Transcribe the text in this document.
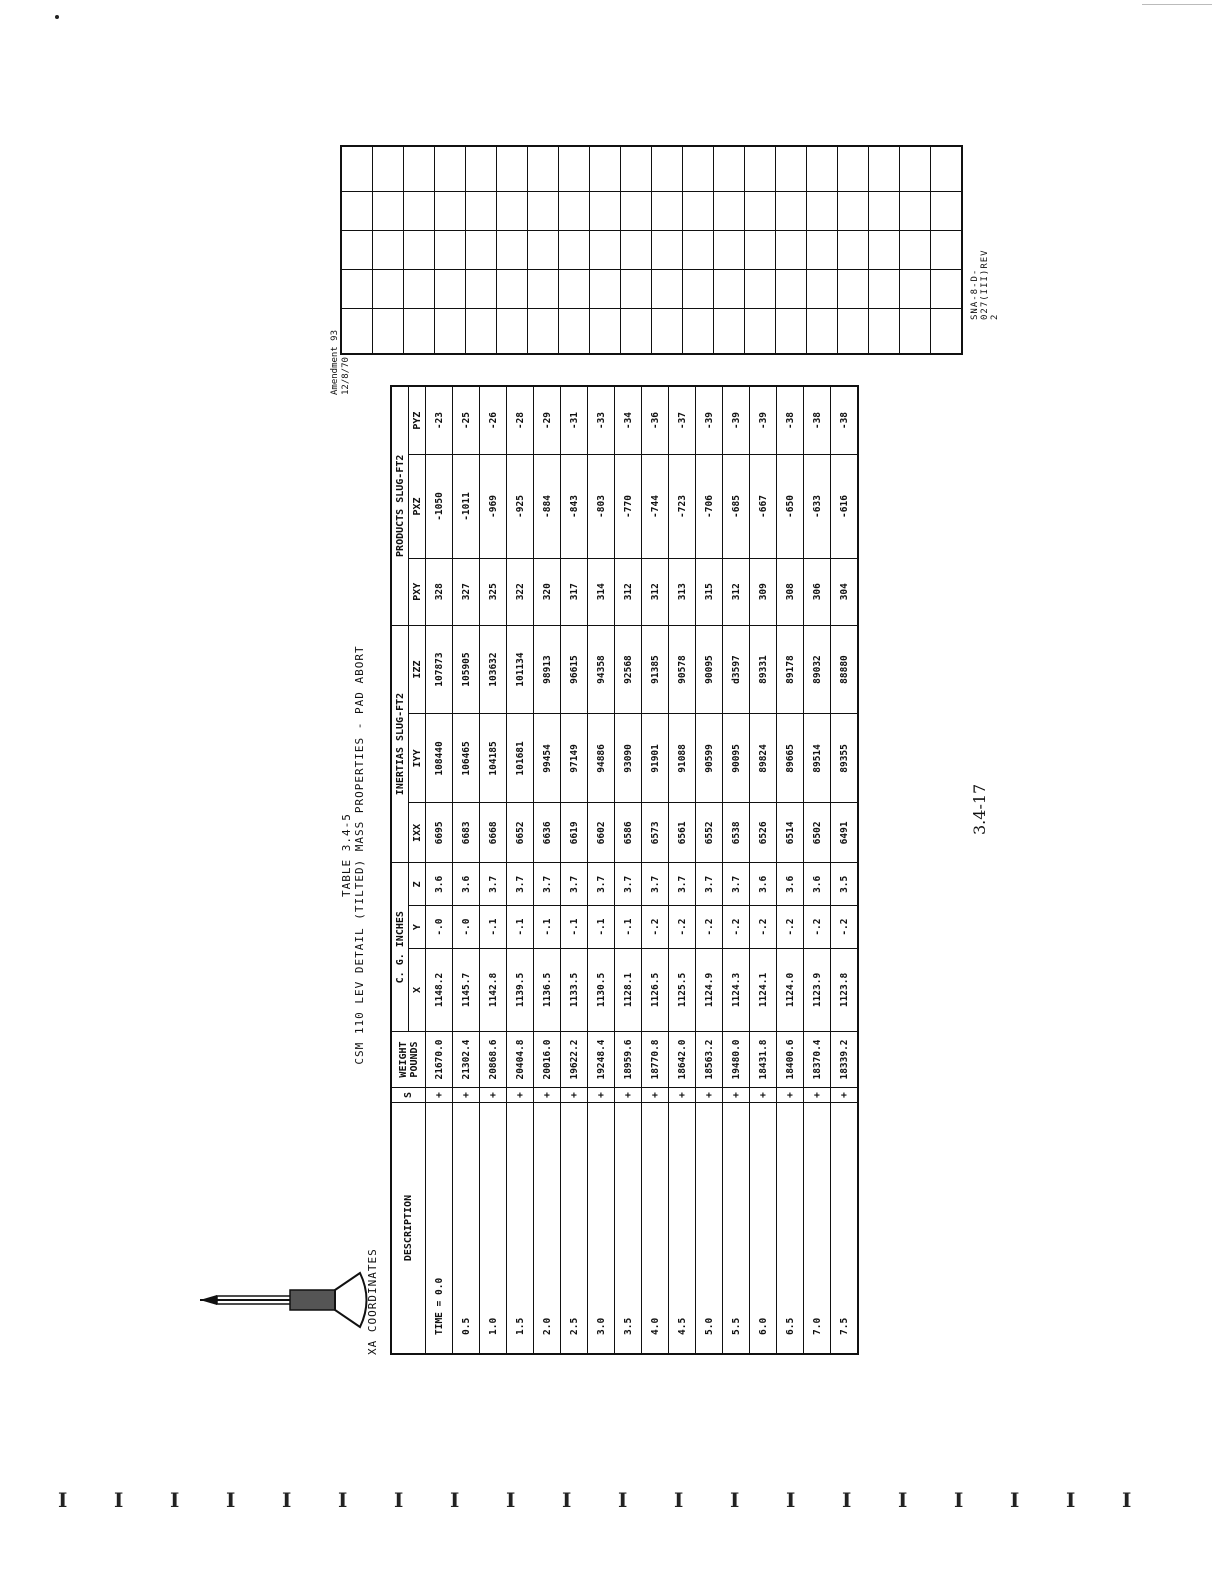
Amendment 93 12/8/70
TABLE 3.4-5 CSM 110 LEV DETAIL (TILTED) MASS PROPERTIES - PAD ABORT
XA COORDINATES
DESCRIPTION	S	WEIGHT POUNDS	C. G. INCHES			INERTIAS SLUG-FT2			PRODUCTS SLUG-FT2		
			X	Y	Z	IXX	IYY	IZZ	PXY	PXZ	PYZ
TIME = 0.0	+	21670.0	1148.2	-.0	3.6	6695	108440	107873	328	-1050	-23
0.5	+	21302.4	1145.7	-.0	3.6	6683	106465	105905	327	-1011	-25
1.0	+	20868.6	1142.8	-.1	3.7	6668	104185	103632	325	-969	-26
1.5	+	20404.8	1139.5	-.1	3.7	6652	101681	101134	322	-925	-28
2.0	+	20016.0	1136.5	-.1	3.7	6636	99454	98913	320	-884	-29
2.5	+	19622.2	1133.5	-.1	3.7	6619	97149	96615	317	-843	-31
3.0	+	19248.4	1130.5	-.1	3.7	6602	94886	94358	314	-803	-33
3.5	+	18959.6	1128.1	-.1	3.7	6586	93090	92568	312	-770	-34
4.0	+	18770.8	1126.5	-.2	3.7	6573	91901	91385	312	-744	-36
4.5	+	18642.0	1125.5	-.2	3.7	6561	91088	90578	313	-723	-37
5.0	+	18563.2	1124.9	-.2	3.7	6552	90599	90095	315	-706	-39
5.5	+	19480.0	1124.3	-.2	3.7	6538	90095	d3597	312	-685	-39
6.0	+	18431.8	1124.1	-.2	3.6	6526	89824	89331	309	-667	-39
6.5	+	18400.6	1124.0	-.2	3.6	6514	89665	89178	308	-650	-38
7.0	+	18370.4	1123.9	-.2	3.6	6502	89514	89032	306	-633	-38
7.5	+	18339.2	1123.8	-.2	3.5	6491	89355	88880	304	-616	-38

3.4-17
SNA-8-D-027(III)REV 2
I I I I I I I I I I I I I I I I I I I I
